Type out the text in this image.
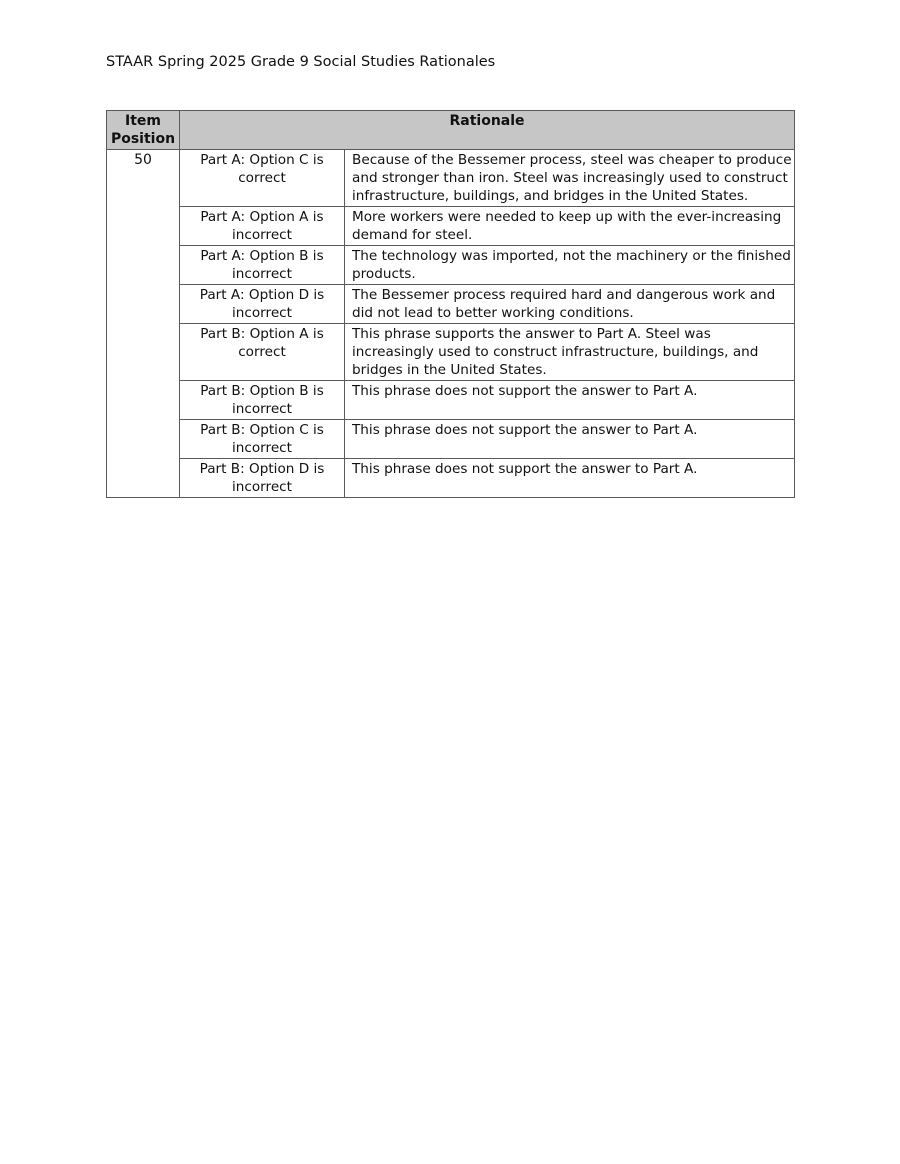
STAAR Spring 2025 Grade 9 Social Studies Rationales
Item Position	Rationale	
50	Part A: Option C is correct	Because of the Bessemer process, steel was cheaper to produce and stronger than iron. Steel was increasingly used to construct infrastructure, buildings, and bridges in the United States.
	Part A: Option A is incorrect	More workers were needed to keep up with the ever-increasing demand for steel.
	Part A: Option B is incorrect	The technology was imported, not the machinery or the finished products.
	Part A: Option D is incorrect	The Bessemer process required hard and dangerous work and did not lead to better working conditions.
	Part B: Option A is correct	This phrase supports the answer to Part A. Steel was increasingly used to construct infrastructure, buildings, and bridges in the United States.
	Part B: Option B is incorrect	This phrase does not support the answer to Part A.
	Part B: Option C is incorrect	This phrase does not support the answer to Part A.
	Part B: Option D is incorrect	This phrase does not support the answer to Part A.
